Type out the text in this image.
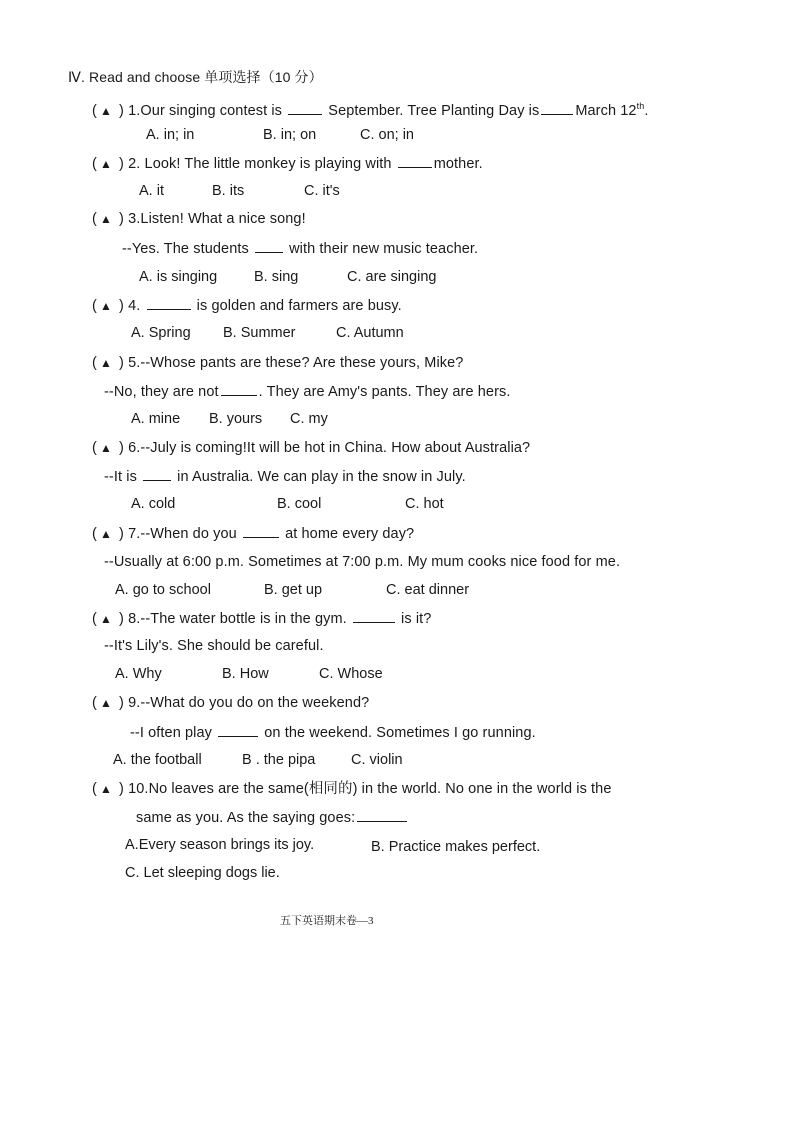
Ⅳ. Read and choose 单项选择（10 分）
( ▲ ) 1.Our singing contest is	September. Tree Planting Day is March 12th.
A. in; in	B. in; on	C. on; in
( ▲ ) 2. Look! The little monkey is playing with	mother.
A. it	B. its	C. it's
( ▲ ) 3.Listen! What a nice song!
--Yes. The students  with their new music teacher.
A. is singing	B. sing	C. are singing
( ▲ ) 4.	is golden and farmers are busy.
A. Spring B. Summer	C. Autumn
( ▲ ) 5.--Whose pants are these? Are these yours, Mike?
--No, they are not	. They are Amy's pants. They are hers.
A. mine B. yours C. my
( ▲ ) 6.--July is coming!It will be hot in China. How about Australia?
--It is  in Australia. We can play in the snow in July.
A. cold	B. cool	C. hot
( ▲ ) 7.--When do you	at home every day?
--Usually at 6:00 p.m. Sometimes at 7:00 p.m. My mum cooks nice food for me.
A. go to school	B. get up	C. eat dinner
( ▲ ) 8.--The water bottle is in the gym.	is it?
--It's Lily's. She should be careful.
A. Why	B. How	C. Whose
( ▲ ) 9.--What do you do on the weekend?
--I often play	on the weekend. Sometimes I go running.
A. the football	B . the pipa C. violin
( ▲ ) 10.No leaves are the same(相同的) in the world. No one in the world is the
same as you. As the saying goes:
A.Every season brings its joy.	B. Practice makes perfect.
C. Let sleeping dogs lie.
五下英语期末卷—3
